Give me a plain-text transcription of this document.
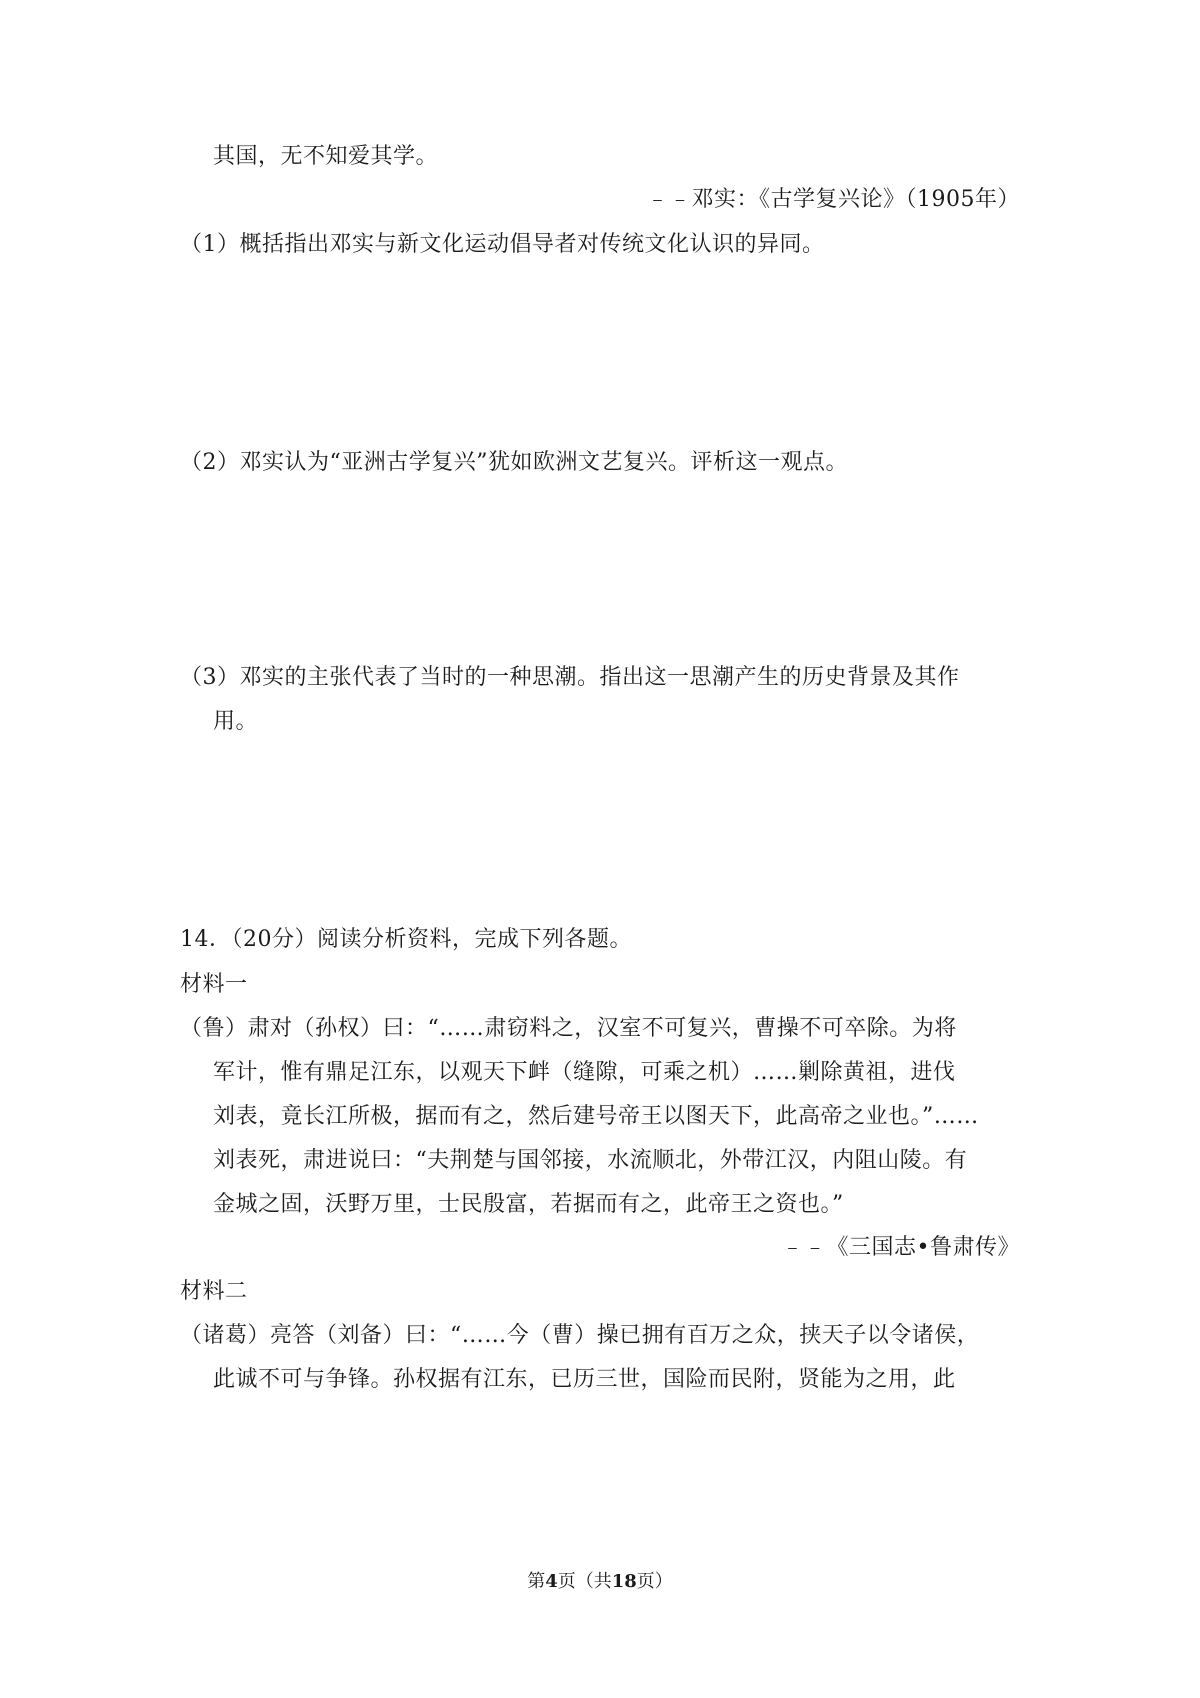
其国，无不知爱其学。
﹣﹣邓实：《古学复兴论》（1905年）
（1）概括指出邓实与新文化运动倡导者对传统文化认识的异同。
（2）邓实认为“亚洲古学复兴”犹如欧洲文艺复兴。评析这一观点。
（3）邓实的主张代表了当时的一种思潮。指出这一思潮产生的历史背景及其作
用。
14．（20分）阅读分析资料，完成下列各题。
材料一
（鲁）肃对（孙权）曰：“……肃窃料之，汉室不可复兴，曹操不可卒除。为将
军计，惟有鼎足江东，以观天下衅（缝隙，可乘之机）……剿除黄祖，进伐
刘表，竟长江所极，据而有之，然后建号帝王以图天下，此高帝之业也。”……
刘表死，肃进说曰：“夫荆楚与国邻接，水流顺北，外带江汉，内阻山陵。有
金城之固，沃野万里，士民殷富，若据而有之，此帝王之资也。”
﹣﹣《三国志•鲁肃传》
材料二
（诸葛）亮答（刘备）曰：“……今（曹）操已拥有百万之众，挟天子以令诸侯，
此诚不可与争锋。孙权据有江东，已历三世，国险而民附，贤能为之用，此
第4页（共18页）
